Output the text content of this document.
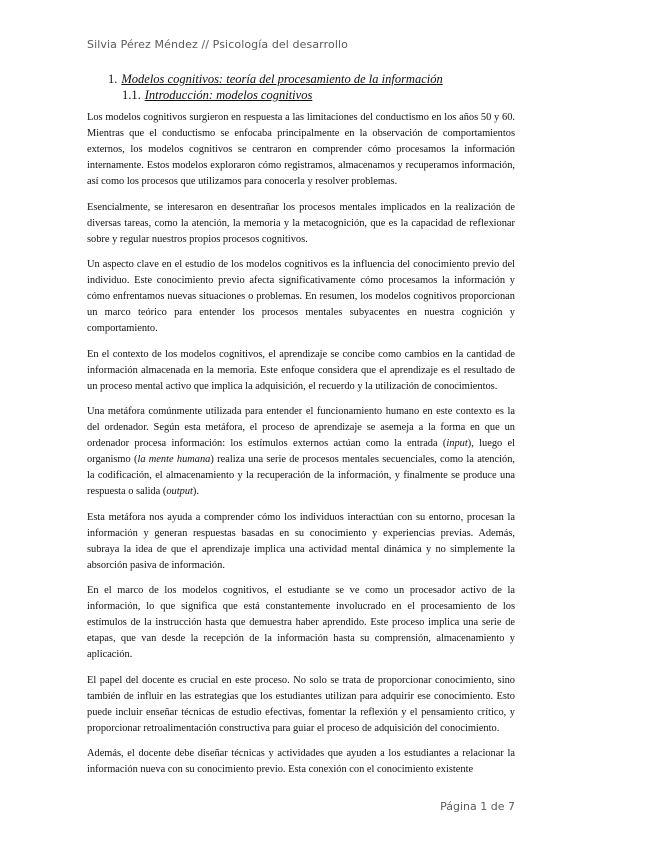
Silvia Pérez Méndez // Psicología del desarrollo

1. Modelos cognitivos: teoría del procesamiento de la información

1.1. Introducción: modelos cognitivos

Los modelos cognitivos surgieron en respuesta a las limitaciones del conductismo en los años 50 y 60. Mientras que el conductismo se enfocaba principalmente en la observación de comportamientos externos, los modelos cognitivos se centraron en comprender cómo procesamos la información internamente. Estos modelos exploraron cómo registramos, almacenamos y recuperamos información, así como los procesos que utilizamos para conocerla y resolver problemas.

Esencialmente, se interesaron en desentrañar los procesos mentales implicados en la realización de diversas tareas, como la atención, la memoria y la metacognición, que es la capacidad de reflexionar sobre y regular nuestros propios procesos cognitivos.

Un aspecto clave en el estudio de los modelos cognitivos es la influencia del conocimiento previo del individuo. Este conocimiento previo afecta significativamente cómo procesamos la información y cómo enfrentamos nuevas situaciones o problemas. En resumen, los modelos cognitivos proporcionan un marco teórico para entender los procesos mentales subyacentes en nuestra cognición y comportamiento.

En el contexto de los modelos cognitivos, el aprendizaje se concibe como cambios en la cantidad de información almacenada en la memoria. Este enfoque considera que el aprendizaje es el resultado de un proceso mental activo que implica la adquisición, el recuerdo y la utilización de conocimientos.

Una metáfora comúnmente utilizada para entender el funcionamiento humano en este contexto es la del ordenador. Según esta metáfora, el proceso de aprendizaje se asemeja a la forma en que un ordenador procesa información: los estímulos externos actúan como la entrada (input), luego el organismo (la mente humana) realiza una serie de procesos mentales secuenciales, como la atención, la codificación, el almacenamiento y la recuperación de la información, y finalmente se produce una respuesta o salida (output).

Esta metáfora nos ayuda a comprender cómo los individuos interactúan con su entorno, procesan la información y generan respuestas basadas en su conocimiento y experiencias previas. Además, subraya la idea de que el aprendizaje implica una actividad mental dinámica y no simplemente la absorción pasiva de información.

En el marco de los modelos cognitivos, el estudiante se ve como un procesador activo de la información, lo que significa que está constantemente involucrado en el procesamiento de los estímulos de la instrucción hasta que demuestra haber aprendido. Este proceso implica una serie de etapas, que van desde la recepción de la información hasta su comprensión, almacenamiento y aplicación.

El papel del docente es crucial en este proceso. No solo se trata de proporcionar conocimiento, sino también de influir en las estrategias que los estudiantes utilizan para adquirir ese conocimiento. Esto puede incluir enseñar técnicas de estudio efectivas, fomentar la reflexión y el pensamiento crítico, y proporcionar retroalimentación constructiva para guiar el proceso de adquisición del conocimiento.

Además, el docente debe diseñar técnicas y actividades que ayuden a los estudiantes a relacionar la información nueva con su conocimiento previo. Esta conexión con el conocimiento existente

Página 1 de 7
